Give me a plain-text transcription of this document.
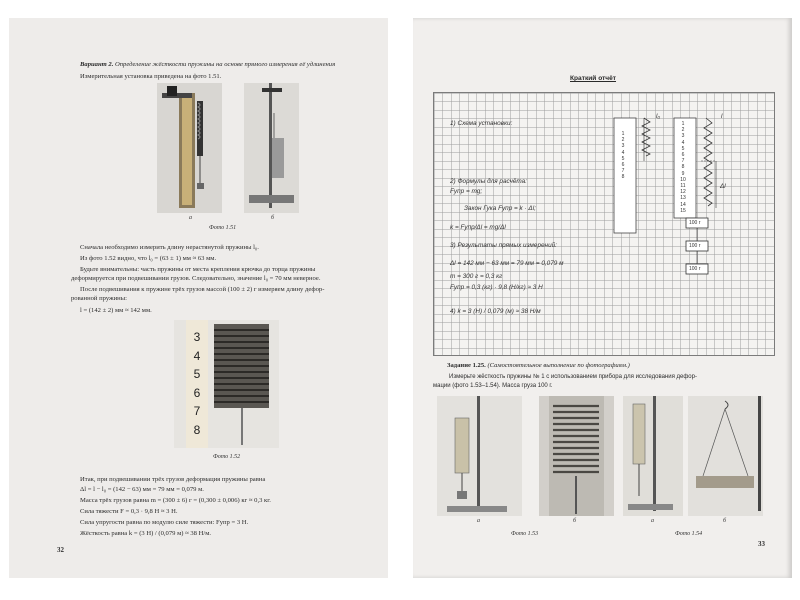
Вариант 2. Определение жёсткости пружины на основе прямого измерения её удлинения
Измерительная установка приведена на фото 1.51.
а	б
Фото 1.51
Сначала необходимо измерить длину нерастянутой пружины l₀.
Из фото 1.52 видно, что l₀ = (63 ± 1) мм ≈ 63 мм.
Будьте внимательны: часть пружины от места крепления крючка до торца пружины
деформируется при подвешивании грузов. Следовательно, значение l₀ = 70 мм неверное.
После подвешивания к пружине трёх грузов массой (100 ± 2) г измеряем длину дефор-
рованной пружины:
l = (142 ± 2) мм ≈ 142 мм.
3
4
5
6
7
8
Фото 1.52
Итак, при подвешивании трёх грузов деформация пружины равна
Δl = l − l₀ = (142 − 63) мм = 79 мм = 0,079 м.
Масса трёх грузов равна m = (300 ± 6) г = (0,300 ± 0,006) кг ≈ 0,3 кг.
Сила тяжести F = 0,3 · 9,8 Н ≈ 3 Н.
Сила упругости равна по модулю силе тяжести: Fупр = 3 Н.
Жёсткость равна k = (3 Н) / (0,079 м) ≈ 38 Н/м.
32
Краткий отчёт
1) Схема установки:
2) Формулы для расчёта:
Fупр = mg;
Закон Гука Fупр = k · Δl;
k = Fупр/Δl = mg/Δl
3) Результаты прямых измерений:
Δl = 142 мм − 63 мм = 79 мм = 0,079 м
m = 300 г = 0,3 кг
Fупр = 0,3 (кг) · 9,8 (Н/кг) ≈ 3 Н
4) k = 3 (Н) / 0,079 (м) ≈ 38 Н/м
1
2
3
4
5
6
7
8
1
2
3
4
5
6
7
8
9
10
11
12
13
14
15
l₀	l
Δl
100 г
100 г
100 г
Задание 1.25. (Самостоятельное выполнение по фотографиям.)
Измерьте жёсткость пружины № 1 с использованием прибора для исследования дефор-
мации (фото 1.53–1.54). Масса груза 100 г.
а	б	а	б
Фото 1.53	Фото 1.54
33
